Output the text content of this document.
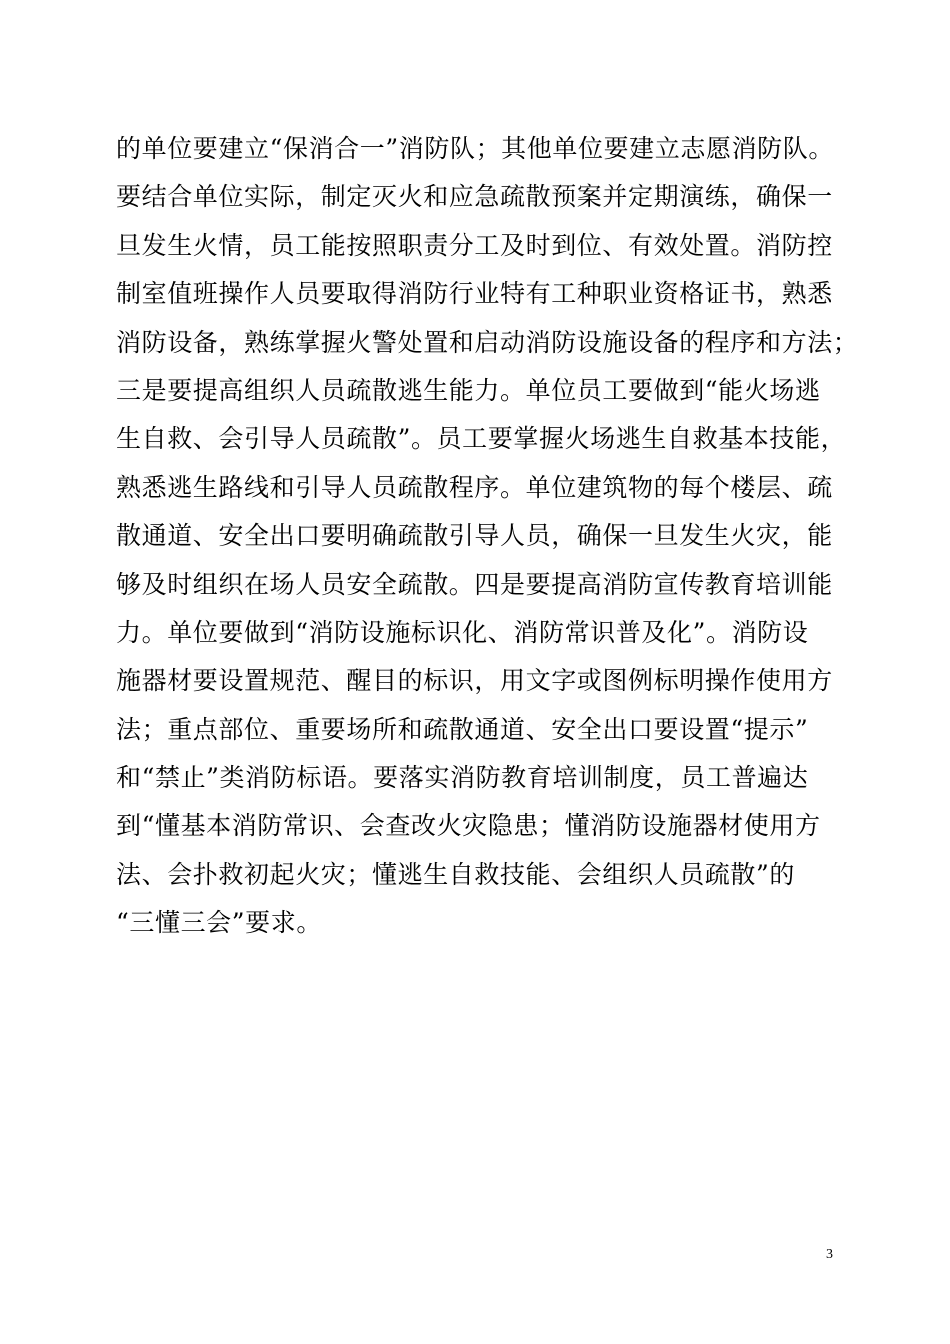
的单位要建立“保消合一”消防队；其他单位要建立志愿消防队。
要结合单位实际，制定灭火和应急疏散预案并定期演练，确保一
旦发生火情，员工能按照职责分工及时到位、有效处置。消防控
制室值班操作人员要取得消防行业特有工种职业资格证书，熟悉
消防设备，熟练掌握火警处置和启动消防设施设备的程序和方法；
三是要提高组织人员疏散逃生能力。单位员工要做到“能火场逃
生自救、会引导人员疏散”。员工要掌握火场逃生自救基本技能，
熟悉逃生路线和引导人员疏散程序。单位建筑物的每个楼层、疏
散通道、安全出口要明确疏散引导人员，确保一旦发生火灾，能
够及时组织在场人员安全疏散。四是要提高消防宣传教育培训能
力。单位要做到“消防设施标识化、消防常识普及化”。消防设
施器材要设置规范、醒目的标识，用文字或图例标明操作使用方
法；重点部位、重要场所和疏散通道、安全出口要设置“提示”
和“禁止”类消防标语。要落实消防教育培训制度，员工普遍达
到“懂基本消防常识、会查改火灾隐患；懂消防设施器材使用方
法、会扑救初起火灾；懂逃生自救技能、会组织人员疏散”的
“三懂三会”要求。
3
